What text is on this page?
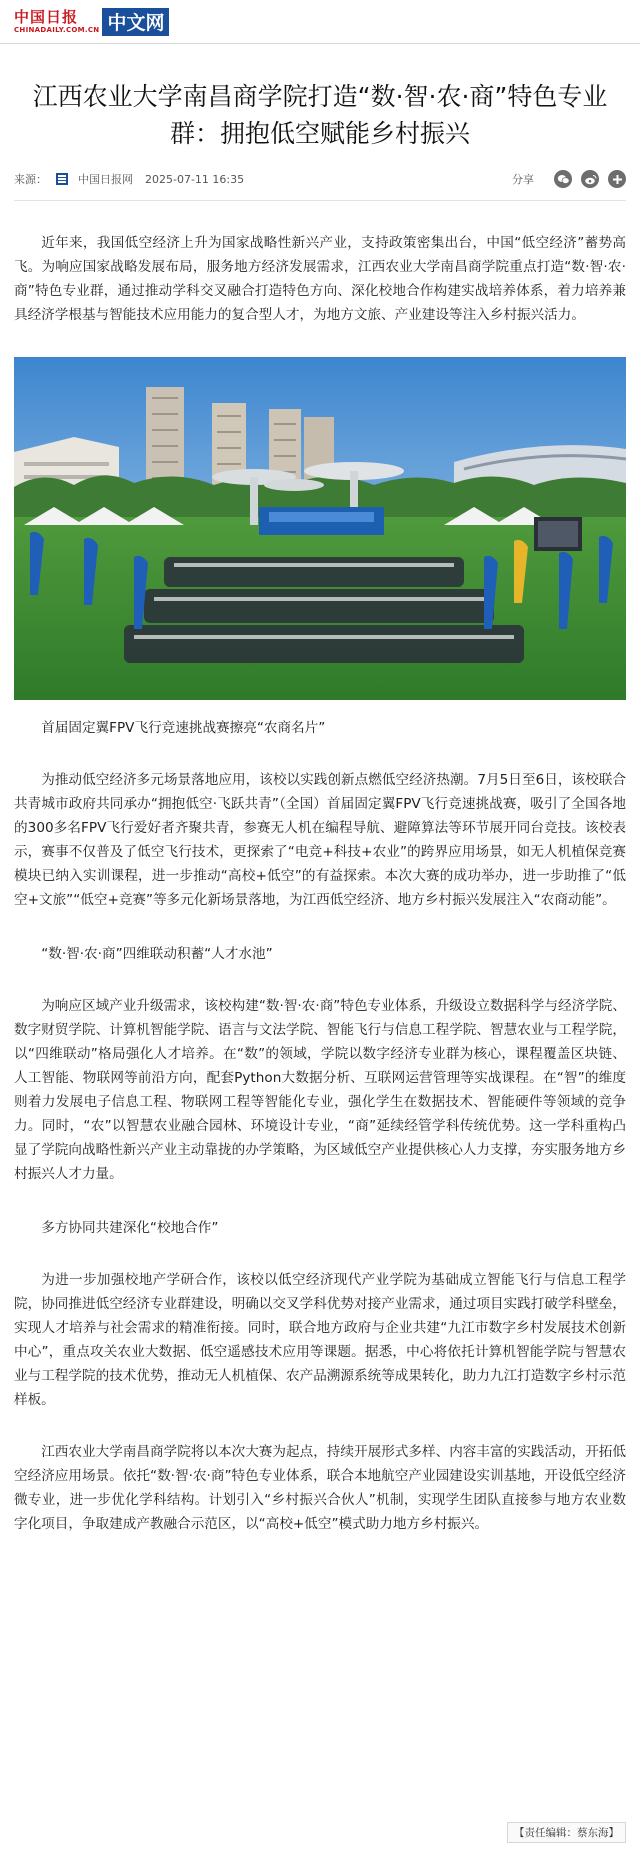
中国日报
CHINADAILY.COM.CN 中文网
江西农业大学南昌商学院打造“数·智·农·商”特色专业群：拥抱低空赋能乡村振兴
来源：	中国日报网 2025-07-11 16:35	分享

近年来，我国低空经济上升为国家战略性新兴产业，支持政策密集出台，中国“低空经济”蓄势高飞。为响应国家战略发展布局，服务地方经济发展需求，江西农业大学南昌商学院重点打造“数·智·农·商”特色专业群，通过推动学科交叉融合打造特色方向、深化校地合作构建实战培养体系，着力培养兼具经济学根基与智能技术应用能力的复合型人才，为地方文旅、产业建设等注入乡村振兴活力。

首届固定翼FPV飞行竞速挑战赛擦亮“农商名片”

为推动低空经济多元场景落地应用，该校以实践创新点燃低空经济热潮。7月5日至6日，该校联合共青城市政府共同承办“拥抱低空·飞跃共青”（全国）首届固定翼FPV飞行竞速挑战赛，吸引了全国各地的300多名FPV飞行爱好者齐聚共青，参赛无人机在编程导航、避障算法等环节展开同台竞技。该校表示，赛事不仅普及了低空飞行技术，更探索了“电竞+科技+农业”的跨界应用场景，如无人机植保竞赛模块已纳入实训课程，进一步推动“高校+低空”的有益探索。本次大赛的成功举办，进一步助推了“低空+文旅”“低空+竞赛”等多元化新场景落地，为江西低空经济、地方乡村振兴发展注入“农商动能”。

“数·智·农·商”四维联动积蓄“人才水池”

为响应区域产业升级需求，该校构建“数·智·农·商”特色专业体系，升级设立数据科学与经济学院、数字财贸学院、计算机智能学院、语言与文法学院、智能飞行与信息工程学院、智慧农业与工程学院，以“四维联动”格局强化人才培养。在“数”的领域，学院以数字经济专业群为核心，课程覆盖区块链、人工智能、物联网等前沿方向，配套Python大数据分析、互联网运营管理等实战课程。在“智”的维度则着力发展电子信息工程、物联网工程等智能化专业，强化学生在数据技术、智能硬件等领域的竞争力。同时，“农”以智慧农业融合园林、环境设计专业，“商”延续经管学科传统优势。这一学科重构凸显了学院向战略性新兴产业主动靠拢的办学策略，为区域低空产业提供核心人力支撑，夯实服务地方乡村振兴人才力量。

多方协同共建深化“校地合作”

为进一步加强校地产学研合作，该校以低空经济现代产业学院为基础成立智能飞行与信息工程学院，协同推进低空经济专业群建设，明确以交叉学科优势对接产业需求，通过项目实践打破学科壁垒，实现人才培养与社会需求的精准衔接。同时，联合地方政府与企业共建“九江市数字乡村发展技术创新中心”，重点攻关农业大数据、低空遥感技术应用等课题。据悉，中心将依托计算机智能学院与智慧农业与工程学院的技术优势，推动无人机植保、农产品溯源系统等成果转化，助力九江打造数字乡村示范样板。

江西农业大学南昌商学院将以本次大赛为起点，持续开展形式多样、内容丰富的实践活动，开拓低空经济应用场景。依托“数·智·农·商”特色专业体系，联合本地航空产业园建设实训基地，开设低空经济微专业，进一步优化学科结构。计划引入“乡村振兴合伙人”机制，实现学生团队直接参与地方农业数字化项目，争取建成产教融合示范区，以“高校+低空”模式助力地方乡村振兴。

【责任编辑：蔡东海】
